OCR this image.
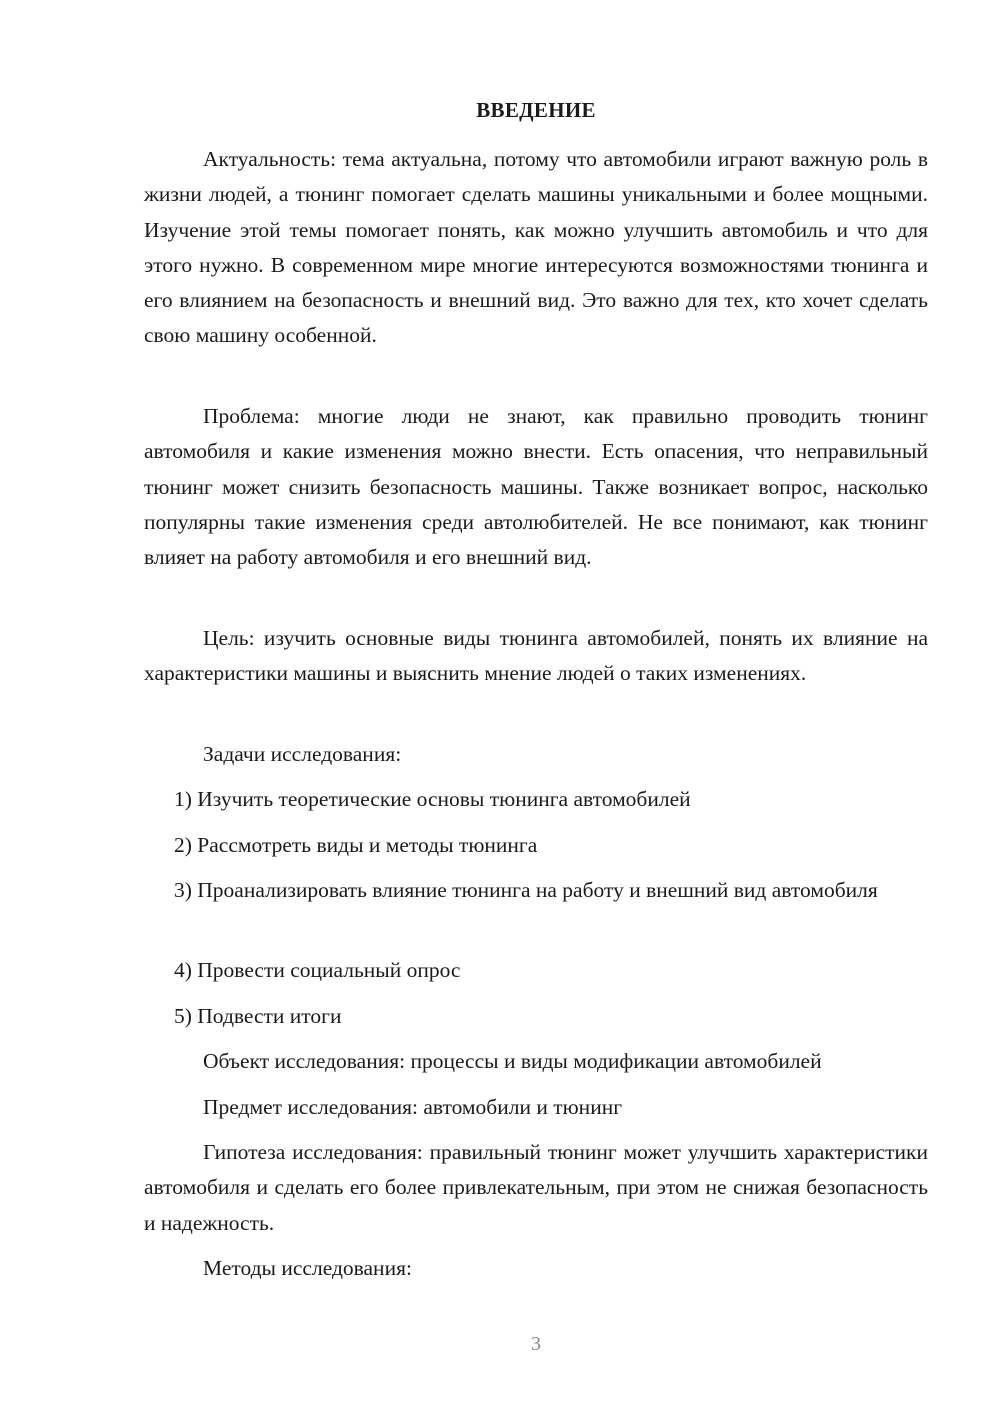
ВВЕДЕНИЕ

Актуальность: тема актуальна, потому что автомобили играют важную роль в жизни людей, а тюнинг помогает сделать машины уникальными и более мощными. Изучение этой темы помогает понять, как можно улучшить автомобиль и что для этого нужно. В современном мире многие интересуются возможностями тюнинга и его влиянием на безопасность и внешний вид. Это важно для тех, кто хочет сделать свою машину особенной.

Проблема: многие люди не знают, как правильно проводить тюнинг автомобиля и какие изменения можно внести. Есть опасения, что неправильный тюнинг может снизить безопасность машины. Также возникает вопрос, насколько популярны такие изменения среди автолюбителей. Не все понимают, как тюнинг влияет на работу автомобиля и его внешний вид.

Цель: изучить основные виды тюнинга автомобилей, понять их влияние на характеристики машины и выяснить мнение людей о таких изменениях.

Задачи исследования:

1) Изучить теоретические основы тюнинга автомобилей

2) Рассмотреть виды и методы тюнинга

3) Проанализировать влияние тюнинга на работу и внешний вид автомобиля

4) Провести социальный опрос

5) Подвести итоги

Объект исследования: процессы и виды модификации автомобилей

Предмет исследования: автомобили и тюнинг

Гипотеза исследования: правильный тюнинг может улучшить характеристики автомобиля и сделать его более привлекательным, при этом не снижая безопасность и надежность.

Методы исследования:

3
